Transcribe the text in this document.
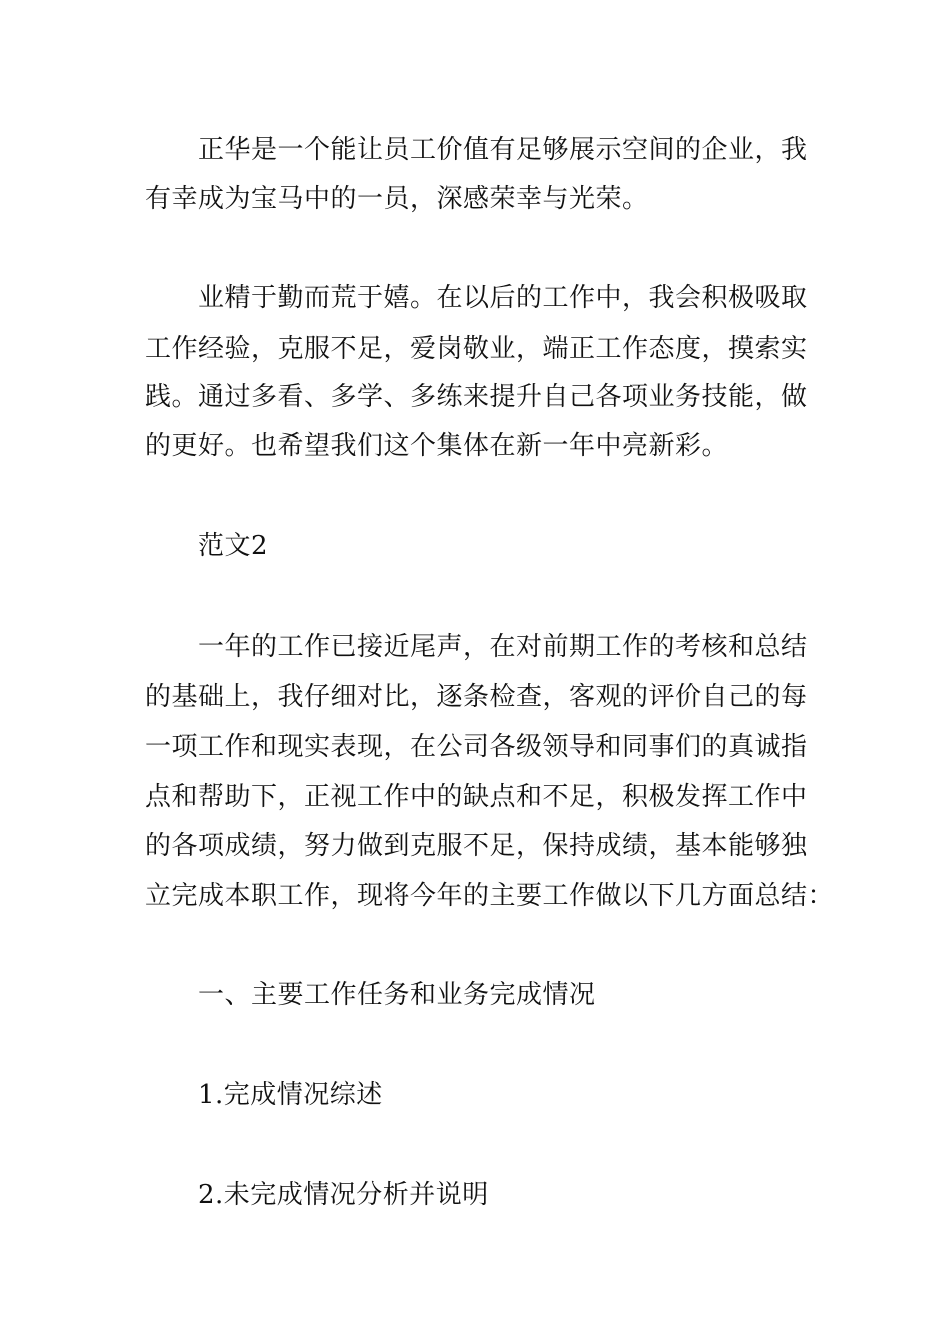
正华是一个能让员工价值有足够展示空间的企业，我

有幸成为宝马中的一员，深感荣幸与光荣。

业精于勤而荒于嬉。在以后的工作中，我会积极吸取

工作经验，克服不足，爱岗敬业，端正工作态度，摸索实

践。通过多看、多学、多练来提升自己各项业务技能，做

的更好。也希望我们这个集体在新一年中亮新彩。

范文2

一年的工作已接近尾声，在对前期工作的考核和总结

的基础上，我仔细对比，逐条检查，客观的评价自己的每

一项工作和现实表现，在公司各级领导和同事们的真诚指

点和帮助下，正视工作中的缺点和不足，积极发挥工作中

的各项成绩，努力做到克服不足，保持成绩，基本能够独

立完成本职工作，现将今年的主要工作做以下几方面总结：

一、主要工作任务和业务完成情况

1.完成情况综述

2.未完成情况分析并说明
